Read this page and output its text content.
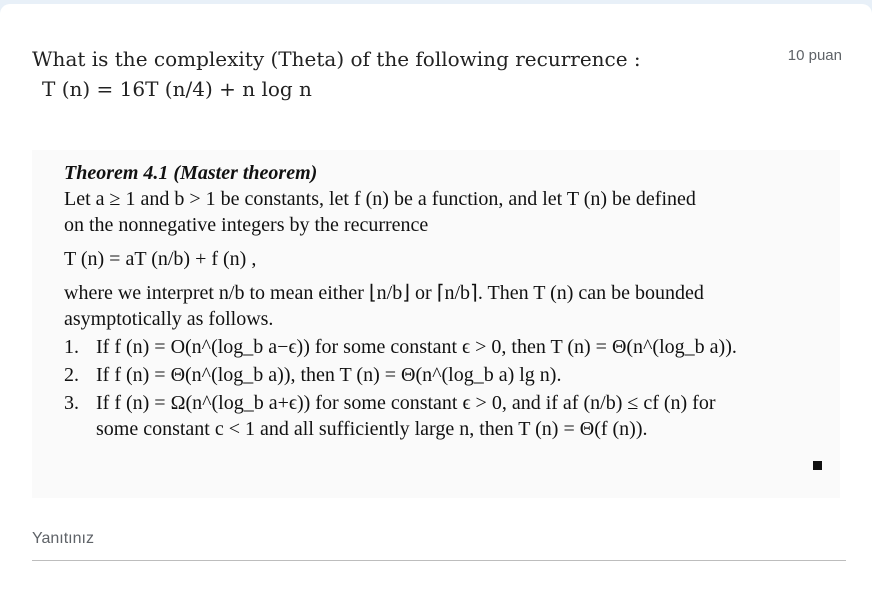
What is the complexity (Theta) of the following recurrence :
T (n) = 16T (n/4) + n log n
10 puan
Theorem 4.1 (Master theorem)

Let a ≥ 1 and b > 1 be constants, let f (n) be a function, and let T (n) be defined

on the nonnegative integers by the recurrence

T (n) = aT (n/b) + f (n) ,

where we interpret n/b to mean either ⌊n/b⌋ or ⌈n/b⌉. Then T (n) can be bounded

asymptotically as follows.

1. If f (n) = O(n^(log_b a−ϵ)) for some constant ϵ > 0, then T (n) = Θ(n^(log_b a)).
2. If f (n) = Θ(n^(log_b a)), then T (n) = Θ(n^(log_b a) lg n).
3. If f (n) = Ω(n^(log_b a+ϵ)) for some constant ϵ > 0, and if af (n/b) ≤ cf (n) for
some constant c < 1 and all sufficiently large n, then T (n) = Θ(f (n)).
Yanıtınız
